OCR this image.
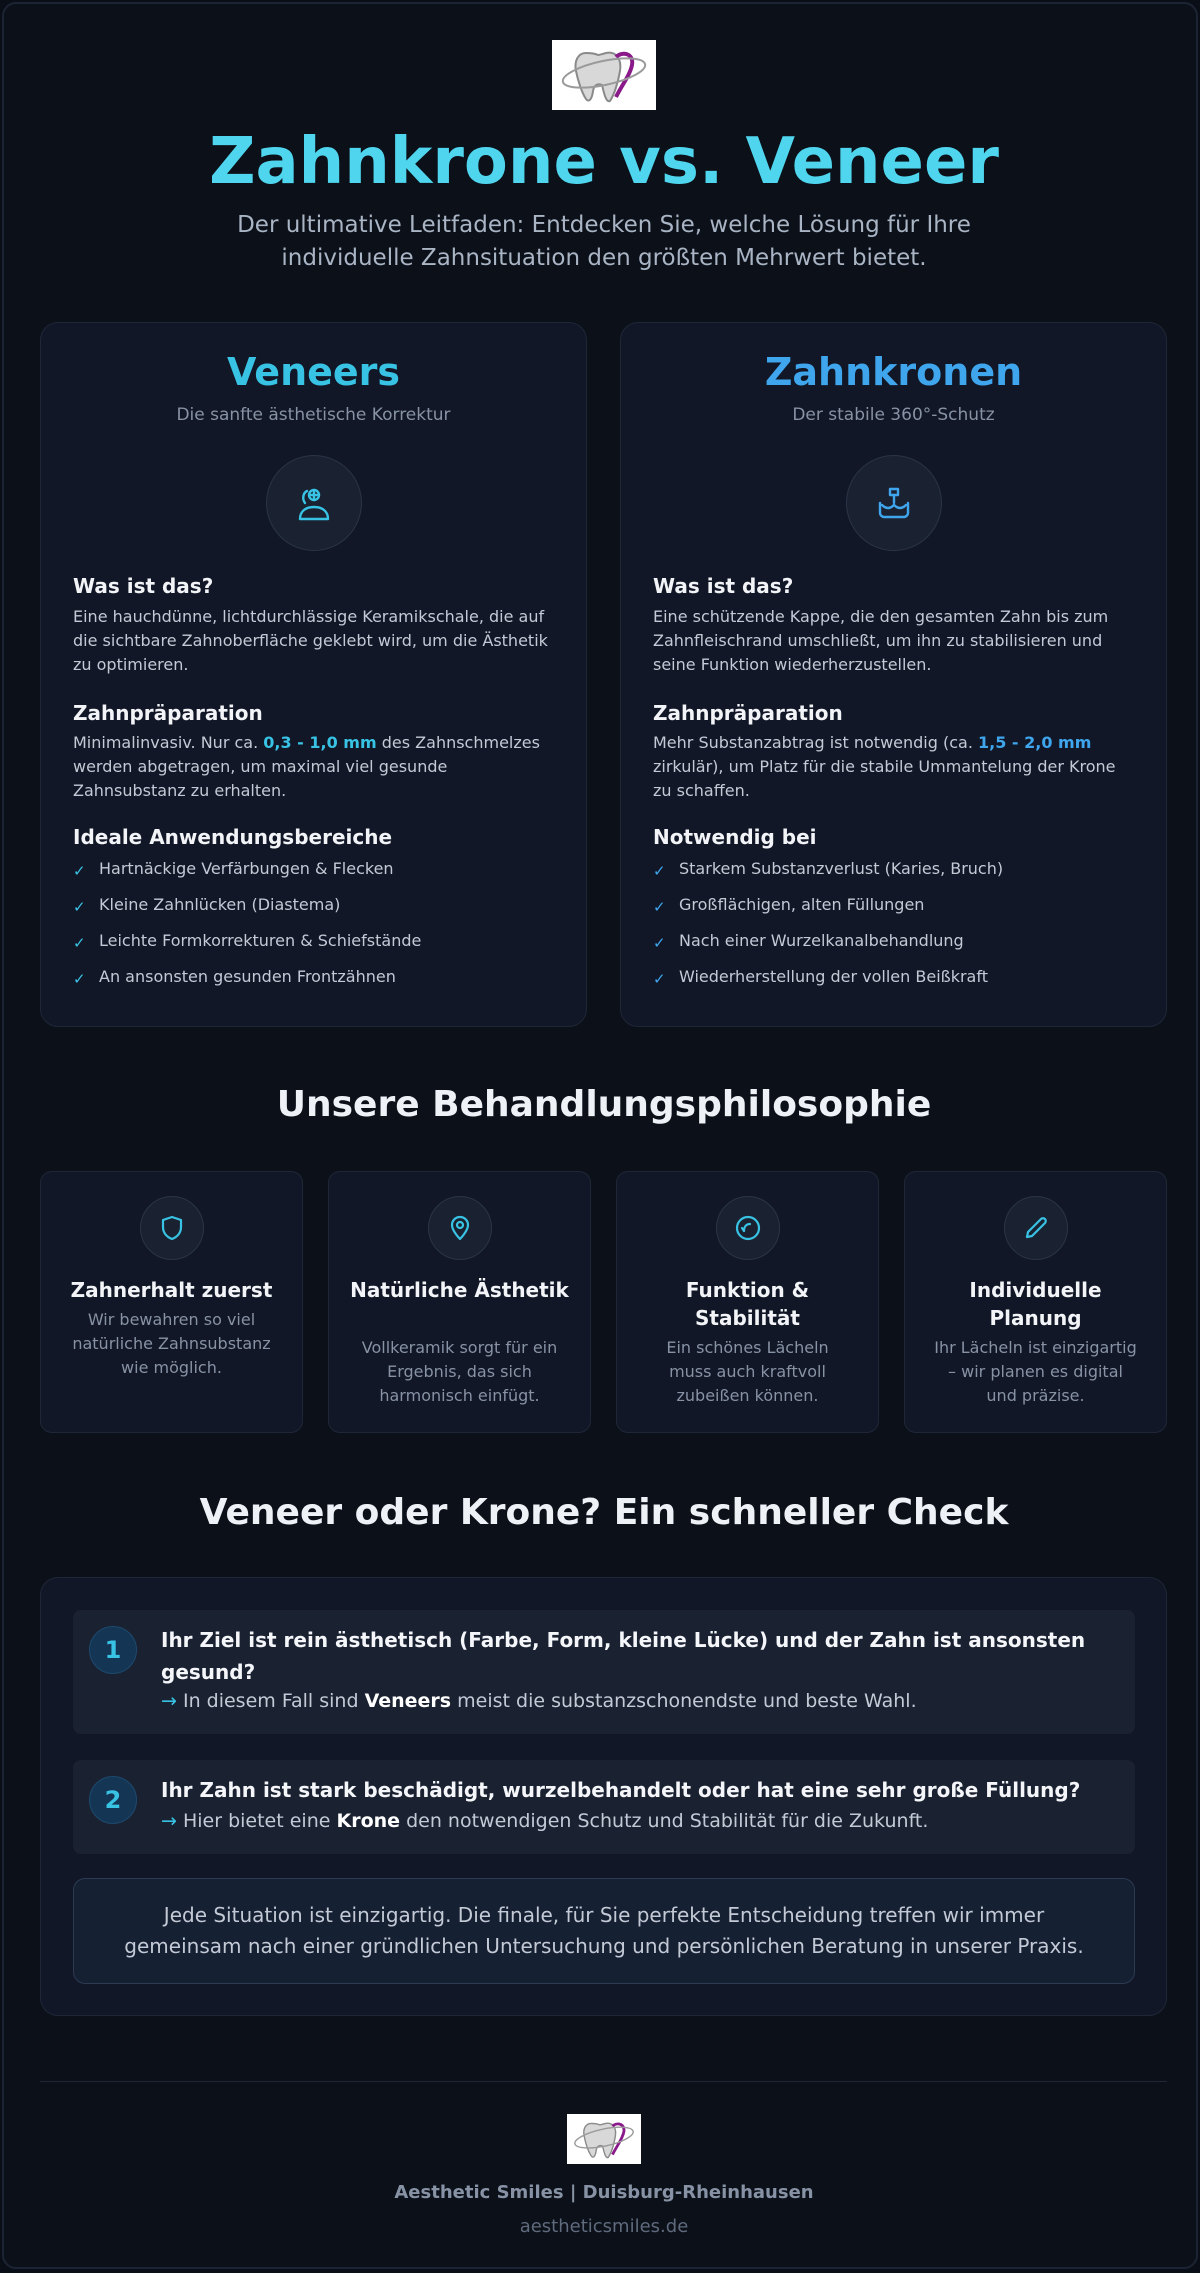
Zahnkrone vs. Veneer

Der ultimative Leitfaden: Entdecken Sie, welche Lösung für Ihre individuelle Zahnsituation den größten Mehrwert bietet.

Veneers
Die sanfte ästhetische Korrektur
Was ist das?
Eine hauchdünne, lichtdurchlässige Keramikschale, die auf die sichtbare Zahnoberfläche geklebt wird, um die Ästhetik zu optimieren.
Zahnpräparation
Minimalinvasiv. Nur ca. 0,3 - 1,0 mm des Zahnschmelzes werden abgetragen, um maximal viel gesunde Zahnsubstanz zu erhalten.
Ideale Anwendungsbereiche
✓ Hartnäckige Verfärbungen & Flecken
✓ Kleine Zahnlücken (Diastema)
✓ Leichte Formkorrekturen & Schiefstände
✓ An ansonsten gesunden Frontzähnen
Zahnkronen
Der stabile 360°-Schutz
Was ist das?
Eine schützende Kappe, die den gesamten Zahn bis zum Zahnfleischrand umschließt, um ihn zu stabilisieren und seine Funktion wiederherzustellen.
Zahnpräparation
Mehr Substanzabtrag ist notwendig (ca. 1,5 - 2,0 mm zirkulär), um Platz für die stabile Ummantelung der Krone zu schaffen.
Notwendig bei
✓ Starkem Substanzverlust (Karies, Bruch)
✓ Großflächigen, alten Füllungen
✓ Nach einer Wurzelkanalbehandlung
✓ Wiederherstellung der vollen Beißkraft
Unsere Behandlungsphilosophie
Zahnerhalt zuerst
Wir bewahren so viel natürliche Zahnsubstanz wie möglich.
Natürliche Ästhetik
Vollkeramik sorgt für ein Ergebnis, das sich harmonisch einfügt.
Funktion & Stabilität
Ein schönes Lächeln muss auch kraftvoll zubeißen können.
Individuelle Planung
Ihr Lächeln ist einzigartig – wir planen es digital und präzise.
Veneer oder Krone? Ein schneller Check
1	Ihr Ziel ist rein ästhetisch (Farbe, Form, kleine Lücke) und der Zahn ist ansonsten gesund?
→ In diesem Fall sind Veneers meist die substanzschonendste und beste Wahl.
2	Ihr Zahn ist stark beschädigt, wurzelbehandelt oder hat eine sehr große Füllung?
→ Hier bietet eine Krone den notwendigen Schutz und Stabilität für die Zukunft.
Jede Situation ist einzigartig. Die finale, für Sie perfekte Entscheidung treffen wir immer gemeinsam nach einer gründlichen Untersuchung und persönlichen Beratung in unserer Praxis.
Aesthetic Smiles | Duisburg-Rheinhausen
aestheticsmiles.de
